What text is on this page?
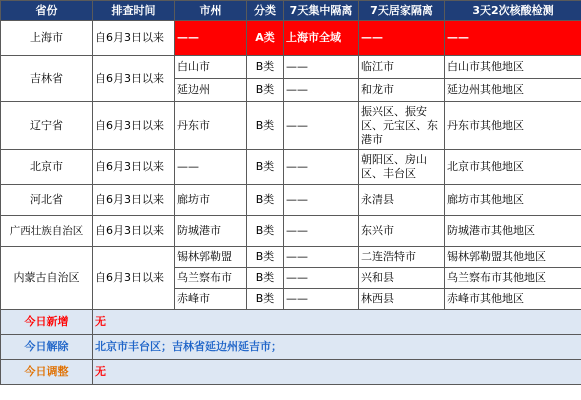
省份	排查时间	市州	分类	7天集中隔离	7天居家隔离	3天2次核酸检测
上海市	自6月3日以来	——	A类	上海市全域	——	——
吉林省	自6月3日以来	白山市	B类	——	临江市	白山市其他地区
		延边州	B类	——	和龙市	延边州其他地区
辽宁省	自6月3日以来	丹东市	B类	——	振兴区、振安区、元宝区、东港市	丹东市其他地区
北京市	自6月3日以来	——	B类	——	朝阳区、房山区、丰台区	北京市其他地区
河北省	自6月3日以来	廊坊市	B类	——	永清县	廊坊市其他地区
广西壮族自治区	自6月3日以来	防城港市	B类	——	东兴市	防城港市其他地区
内蒙古自治区	自6月3日以来	锡林郭勒盟	B类	——	二连浩特市	锡林郭勒盟其他地区
		乌兰察布市	B类	——	兴和县	乌兰察布市其他地区
		赤峰市	B类	——	林西县	赤峰市其他地区
今日新增	无					
今日解除	北京市丰台区；吉林省延边州延吉市；					
今日调整	无					
